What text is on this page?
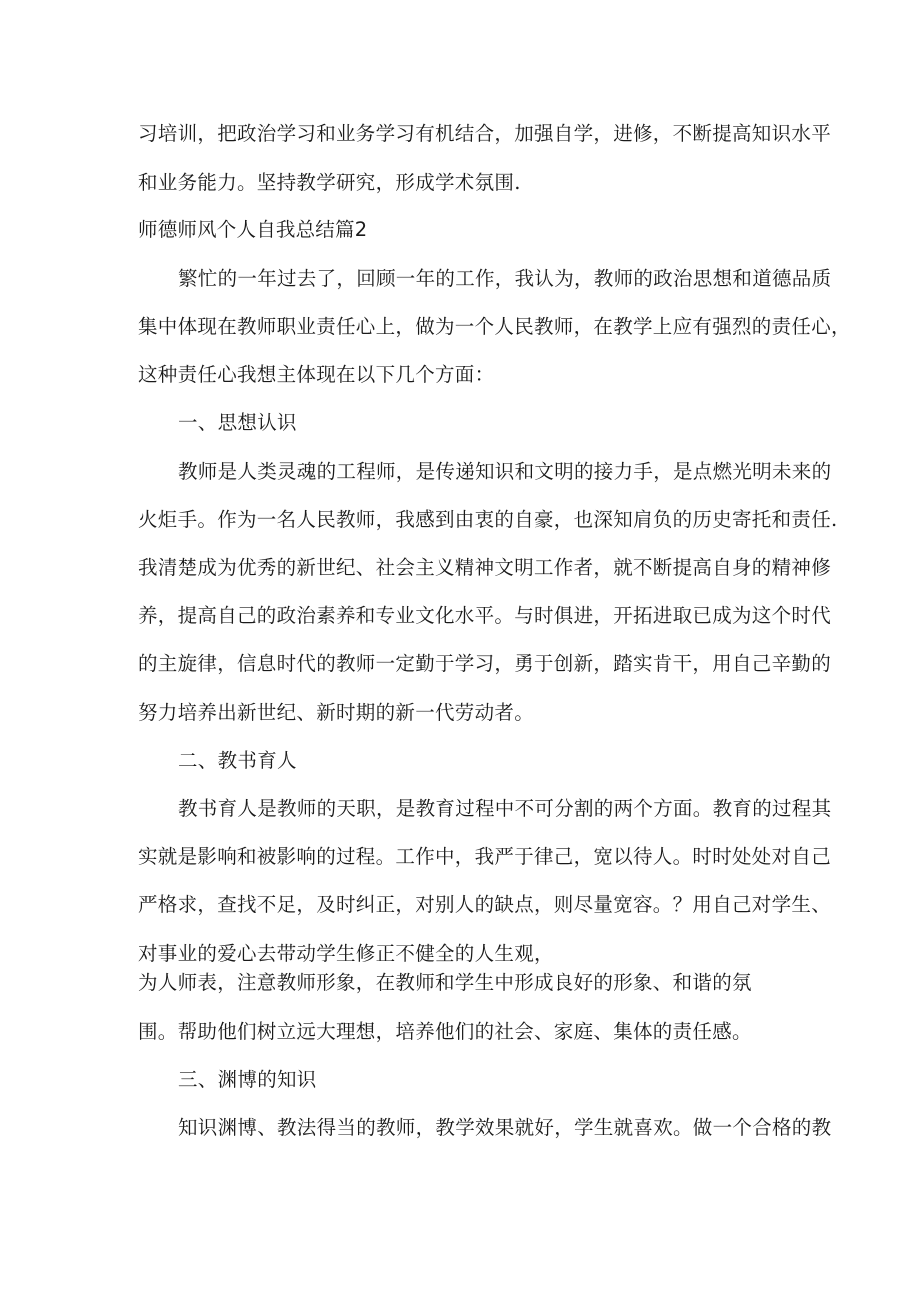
习培训，把政治学习和业务学习有机结合，加强自学，进修，不断提高知识水平
和业务能力。坚持教学研究，形成学术氛围.
师德师风个人自我总结篇2
繁忙的一年过去了，回顾一年的工作，我认为，教师的政治思想和道德品质
集中体现在教师职业责任心上，做为一个人民教师，在教学上应有强烈的责任心，
这种责任心我想主体现在以下几个方面：
一、思想认识
教师是人类灵魂的工程师，是传递知识和文明的接力手，是点燃光明未来的
火炬手。作为一名人民教师，我感到由衷的自豪，也深知肩负的历史寄托和责任.
我清楚成为优秀的新世纪、社会主义精神文明工作者，就不断提高自身的精神修
养，提高自己的政治素养和专业文化水平。与时俱进，开拓进取已成为这个时代
的主旋律，信息时代的教师一定勤于学习，勇于创新，踏实肯干，用自己辛勤的
努力培养出新世纪、新时期的新一代劳动者。
二、教书育人
教书育人是教师的天职，是教育过程中不可分割的两个方面。教育的过程其
实就是影响和被影响的过程。工作中，我严于律己，宽以待人。时时处处对自己
严格求，查找不足，及时纠正，对别人的缺点，则尽量宽容。？用自己对学生、
对事业的爱心去带动学生修正不健全的人生观，
为人师表，注意教师形象，在教师和学生中形成良好的形象、和谐的氛
围。帮助他们树立远大理想，培养他们的社会、家庭、集体的责任感。
三、渊博的知识
知识渊博、教法得当的教师，教学效果就好，学生就喜欢。做一个合格的教
